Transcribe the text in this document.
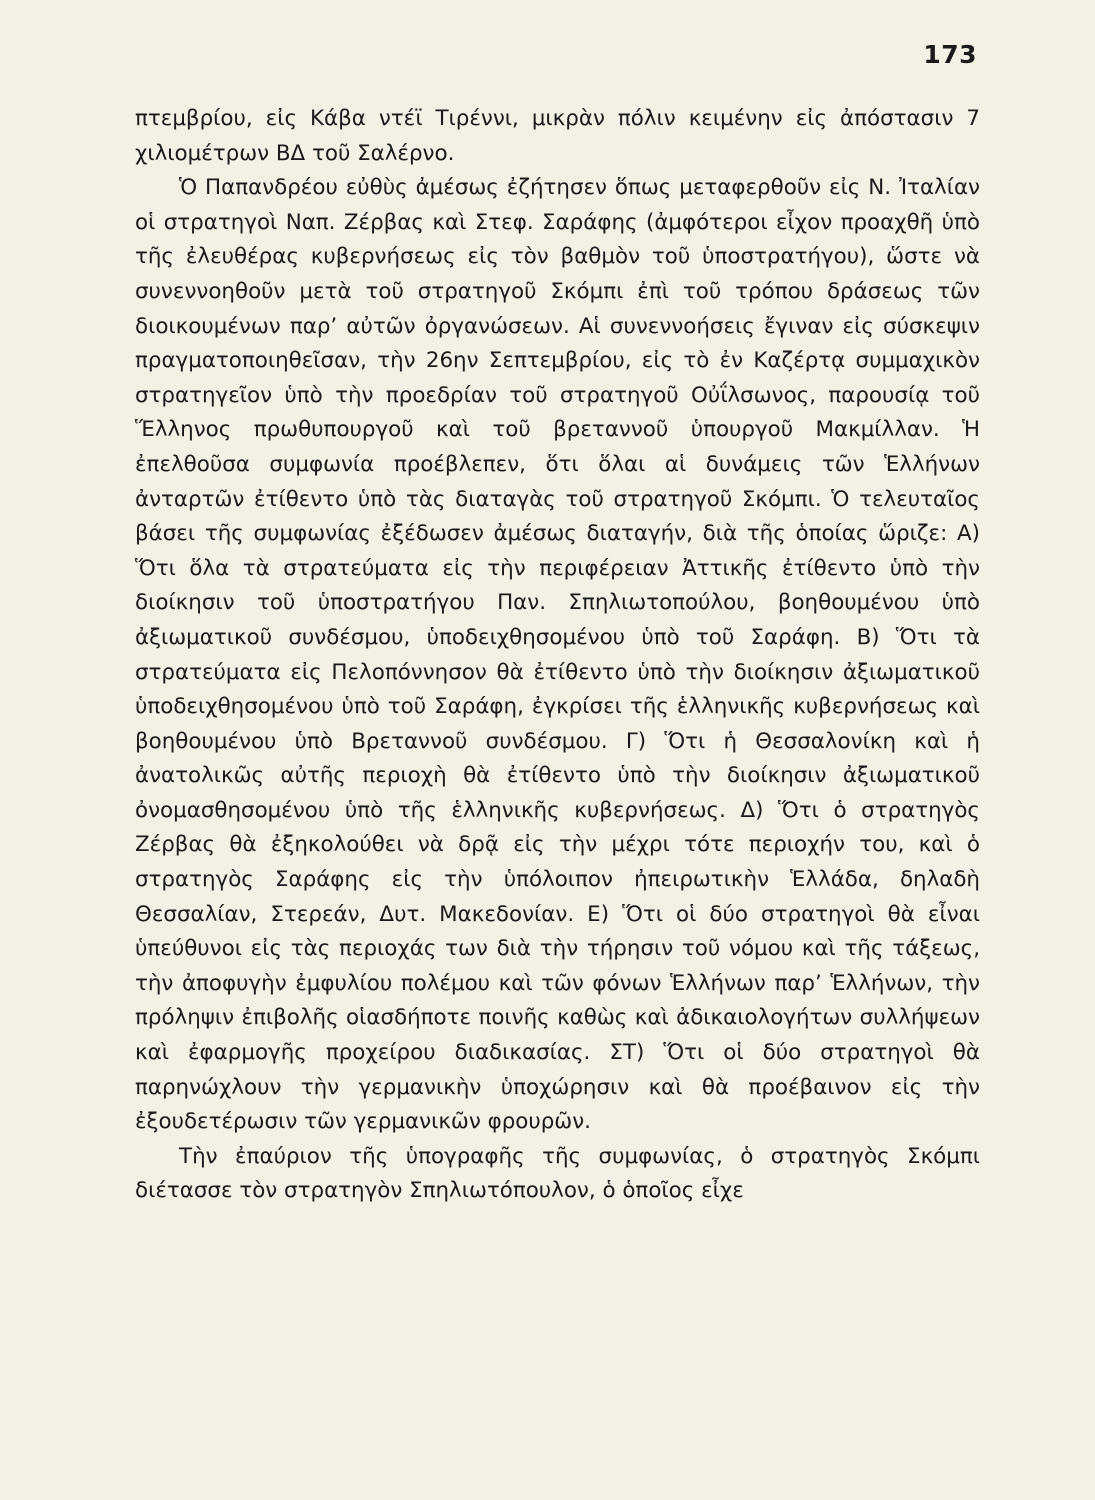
173

πτεμβρίου, εἰς Κάβα ντέϊ Τιρέννι, μικρὰν πόλιν κειμένην εἰς ἀπόστασιν 7 χιλιομέτρων ΒΔ τοῦ Σαλέρνο.

Ὁ Παπανδρέου εὐθὺς ἀμέσως ἐζήτησεν ὅπως μεταφερθοῦν εἰς Ν. Ἰταλίαν οἱ στρατηγοὶ Ναπ. Ζέρβας καὶ Στεφ. Σαράφης (ἀμφότεροι εἶχον προαχθῆ ὑπὸ τῆς ἐλευθέρας κυβερνήσεως εἰς τὸν βαθμὸν τοῦ ὑποστρατήγου), ὥστε νὰ συνεννοηθοῦν μετὰ τοῦ στρατηγοῦ Σκόμπι ἐπὶ τοῦ τρόπου δράσεως τῶν διοικουμένων παρ’ αὐτῶν ὀργανώσεων. Αἱ συνεννοήσεις ἔγιναν εἰς σύσκεψιν πραγματοποιηθεῖσαν, τὴν 26ην Σεπτεμβρίου, εἰς τὸ ἐν Καζέρτᾳ συμμαχικὸν στρατηγεῖον ὑπὸ τὴν προεδρίαν τοῦ στρατηγοῦ Οὐΐλσωνος, παρουσίᾳ τοῦ Ἕλληνος πρωθυπουργοῦ καὶ τοῦ βρεταννοῦ ὑπουργοῦ Μακμίλλαν. Ἡ ἐπελθοῦσα συμφωνία προέβλεπεν, ὅτι ὅλαι αἱ δυνάμεις τῶν Ἑλλήνων ἀνταρτῶν ἐτίθεντο ὑπὸ τὰς διαταγὰς τοῦ στρατηγοῦ Σκόμπι. Ὁ τελευταῖος βάσει τῆς συμφωνίας ἐξέδωσεν ἀμέσως διαταγήν, διὰ τῆς ὁποίας ὥριζε: Α) Ὅτι ὅλα τὰ στρατεύματα εἰς τὴν περιφέρειαν Ἀττικῆς ἐτίθεντο ὑπὸ τὴν διοίκησιν τοῦ ὑποστρατήγου Παν. Σπηλιωτοπούλου, βοηθουμένου ὑπὸ ἀξιωματικοῦ συνδέσμου, ὑποδειχθησομένου ὑπὸ τοῦ Σαράφη. Β) Ὅτι τὰ στρατεύματα εἰς Πελοπόννησον θὰ ἐτίθεντο ὑπὸ τὴν διοίκησιν ἀξιωματικοῦ ὑποδειχθησομένου ὑπὸ τοῦ Σαράφη, ἐγκρίσει τῆς ἑλληνικῆς κυβερνήσεως καὶ βοηθουμένου ὑπὸ Βρεταννοῦ συνδέσμου. Γ) Ὅτι ἡ Θεσσαλονίκη καὶ ἡ ἀνατολικῶς αὐτῆς περιοχὴ θὰ ἐτίθεντο ὑπὸ τὴν διοίκησιν ἀξιωματικοῦ ὀνομασθησομένου ὑπὸ τῆς ἑλληνικῆς κυβερνήσεως. Δ) Ὅτι ὁ στρατηγὸς Ζέρβας θὰ ἐξηκολούθει νὰ δρᾷ εἰς τὴν μέχρι τότε περιοχήν του, καὶ ὁ στρατηγὸς Σαράφης εἰς τὴν ὑπόλοιπον ἠπειρωτικὴν Ἑλλάδα, δηλαδὴ Θεσσαλίαν, Στερεάν, Δυτ. Μακεδονίαν. Ε) Ὅτι οἱ δύο στρατηγοὶ θὰ εἶναι ὑπεύθυνοι εἰς τὰς περιοχάς των διὰ τὴν τήρησιν τοῦ νόμου καὶ τῆς τάξεως, τὴν ἀποφυγὴν ἐμφυλίου πολέμου καὶ τῶν φόνων Ἑλλήνων παρ’ Ἑλλήνων, τὴν πρόληψιν ἐπιβολῆς οἱασδήποτε ποινῆς καθὼς καὶ ἀδικαιολογήτων συλλήψεων καὶ ἐφαρμογῆς προχείρου διαδικασίας. ΣΤ) Ὅτι οἱ δύο στρατηγοὶ θὰ παρηνώχλουν τὴν γερμανικὴν ὑποχώρησιν καὶ θὰ προέβαινον εἰς τὴν ἐξουδετέρωσιν τῶν γερμανικῶν φρουρῶν.

Τὴν ἐπαύριον τῆς ὑπογραφῆς τῆς συμφωνίας, ὁ στρατηγὸς Σκόμπι διέτασσε τὸν στρατηγὸν Σπηλιωτόπουλον, ὁ ὁποῖος εἶχε
